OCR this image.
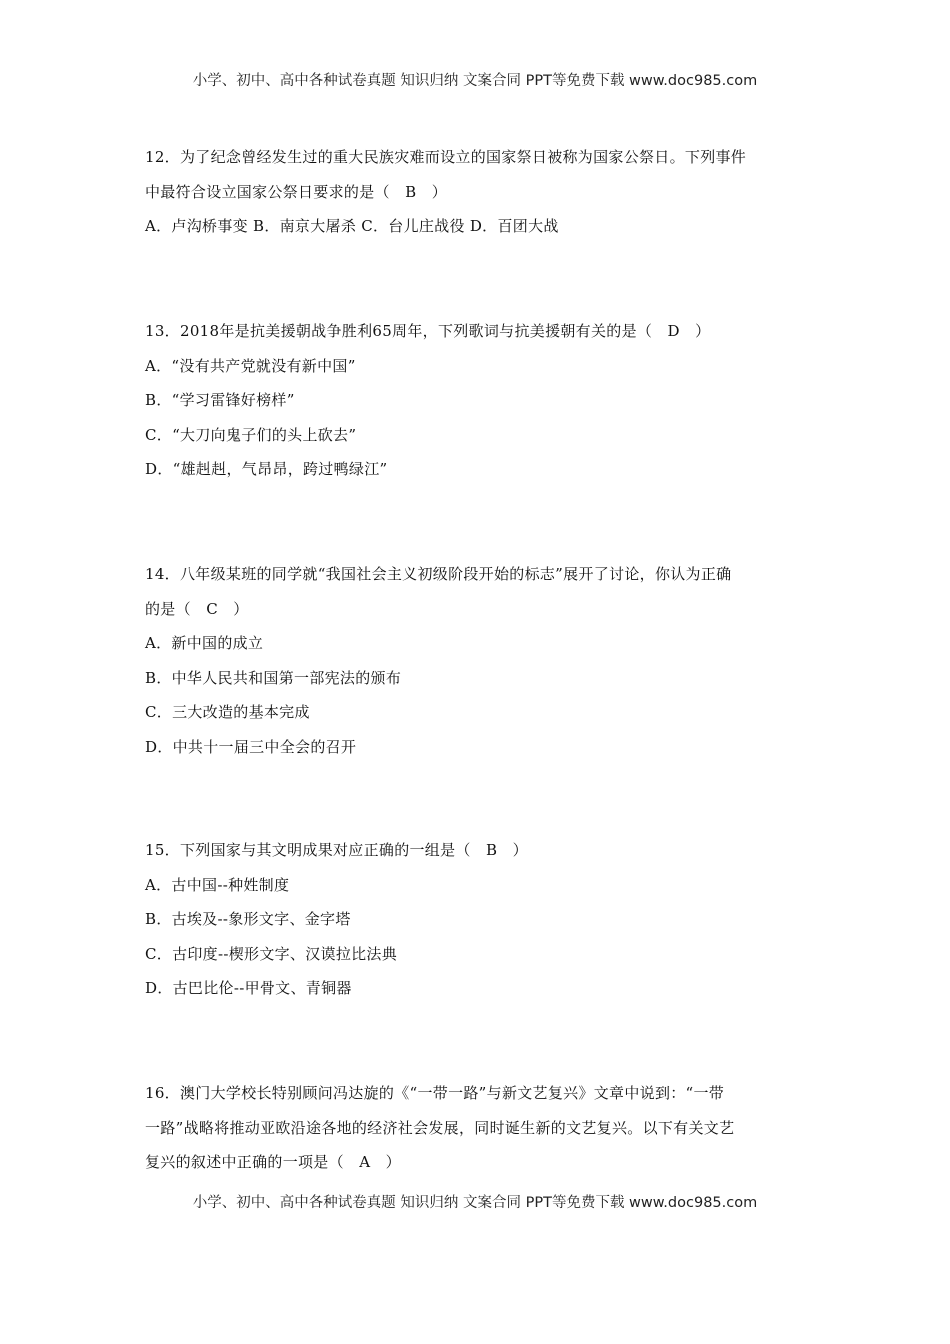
小学、初中、高中各种试卷真题 知识归纳 文案合同 PPT等免费下载 www.doc985.com
12．为了纪念曾经发生过的重大民族灾难而设立的国家祭日被称为国家公祭日。下列事件
中最符合设立国家公祭日要求的是（　B　）
A．卢沟桥事变 B．南京大屠杀 C．台儿庄战役 D．百团大战
13．2018年是抗美援朝战争胜利65周年，下列歌词与抗美援朝有关的是（　D　）
A．“没有共产党就没有新中国”
B．“学习雷锋好榜样”
C．“大刀向鬼子们的头上砍去”
D．“雄赳赳，气昂昂，跨过鸭绿江”
14．八年级某班的同学就“我国社会主义初级阶段开始的标志”展开了讨论，你认为正确
的是（　C　）
A．新中国的成立
B．中华人民共和国第一部宪法的颁布
C．三大改造的基本完成
D．中共十一届三中全会的召开
15．下列国家与其文明成果对应正确的一组是（　B　）
A．古中国--种姓制度
B．古埃及--象形文字、金字塔
C．古印度--楔形文字、汉谟拉比法典
D．古巴比伦--甲骨文、青铜器
16．澳门大学校长特别顾问冯达旋的《“一带一路”与新文艺复兴》文章中说到：“一带
一路”战略将推动亚欧沿途各地的经济社会发展，同时诞生新的文艺复兴。以下有关文艺
复兴的叙述中正确的一项是（　A　）
小学、初中、高中各种试卷真题 知识归纳 文案合同 PPT等免费下载 www.doc985.com
